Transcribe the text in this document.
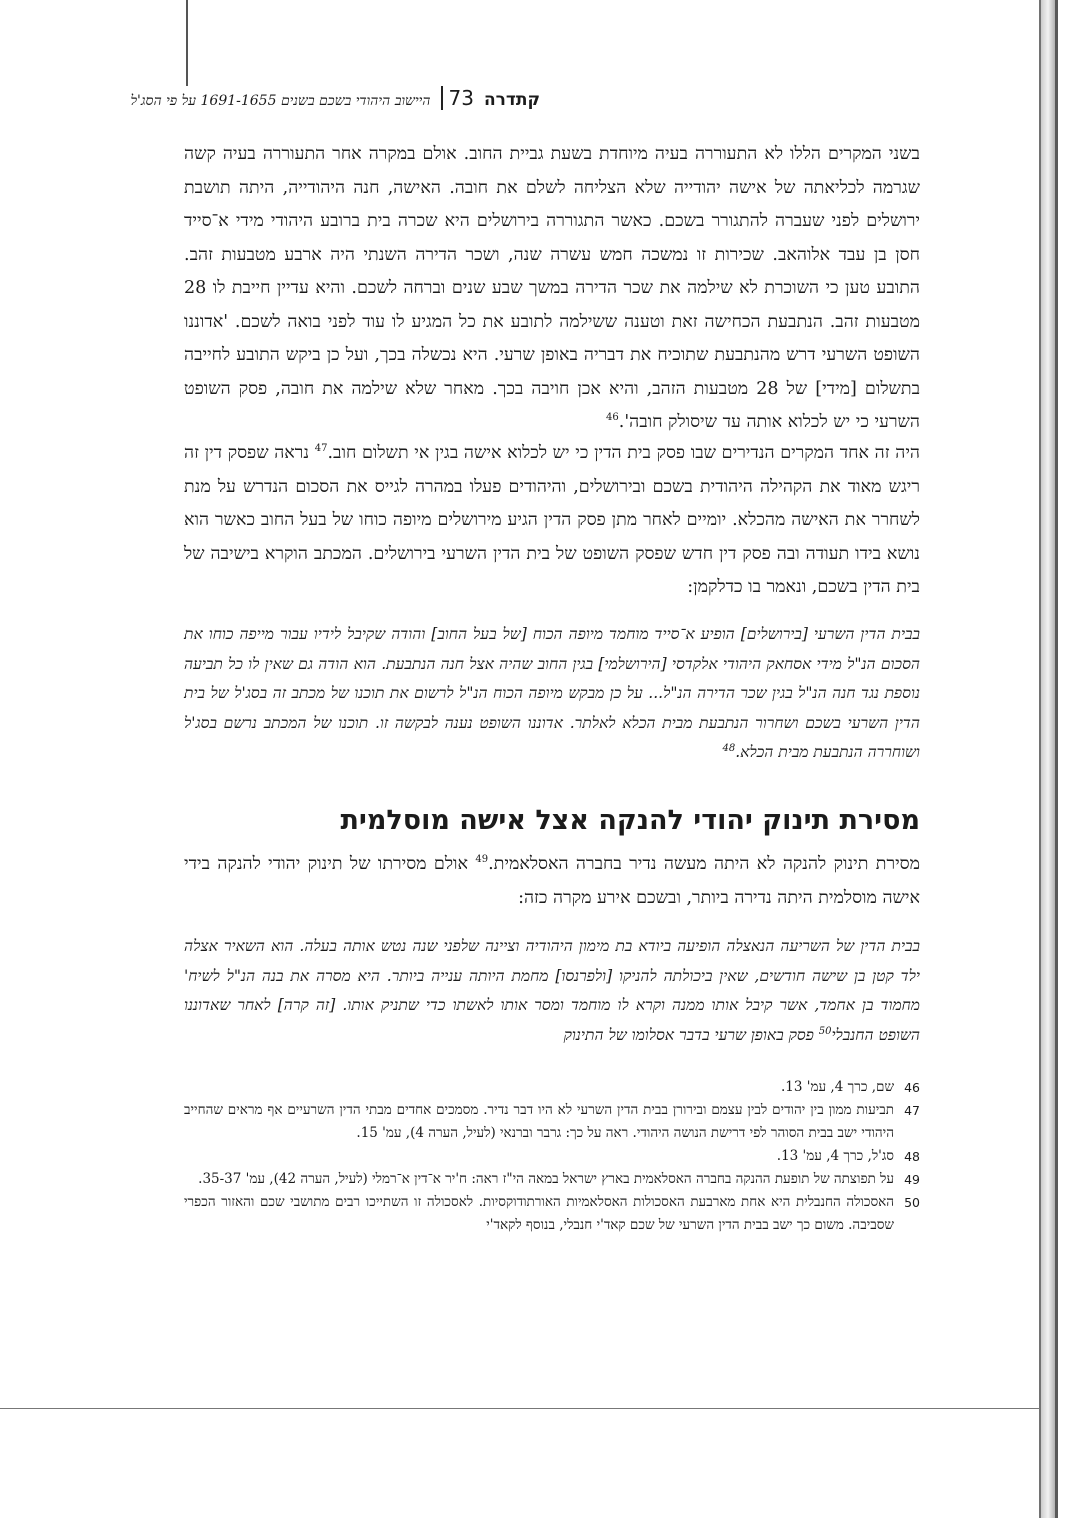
קתדרה
73
היישוב היהודי בשכם בשנים 1691-1655 על פי הסג'ל

בשני המקרים הללו לא התעוררה בעיה מיוחדת בשעת גביית החוב. אולם במקרה אחר התעוררה בעיה קשה שגרמה לכליאתה של אישה יהודייה שלא הצליחה לשלם את חובה. האישה, חנה היהודייה, היתה תושבת ירושלים לפני שעברה להתגורר בשכם. כאשר התגוררה בירושלים היא שכרה בית ברובע היהודי מידי א־סייד חסן בן עבד אלוהאב. שכירות זו נמשכה חמש עשרה שנה, ושכר הדירה השנתי היה ארבע מטבעות זהב. התובע טען כי השוכרת לא שילמה את שכר הדירה במשך שבע שנים וברחה לשכם. והיא עדיין חייבת לו 28 מטבעות זהב. הנתבעת הכחישה זאת וטענה ששילמה לתובע את כל המגיע לו עוד לפני בואה לשכם. 'אדוננו השופט השרעי דרש מהנתבעת שתוכיח את דבריה באופן שרעי. היא נכשלה בכך, ועל כן ביקש התובע לחייבה בתשלום [מידי] של 28 מטבעות הזהב, והיא אכן חויבה בכך. מאחר שלא שילמה את חובה, פסק השופט השרעי כי יש לכלוא אותה עד שיסולק חובה'.$^{46}$

היה זה אחד המקרים הנדירים שבו פסק בית הדין כי יש לכלוא אישה בגין אי תשלום חוב.$^{47}$ נראה שפסק דין זה ריגש מאוד את הקהילה היהודית בשכם ובירושלים, והיהודים פעלו במהרה לגייס את הסכום הנדרש על מנת לשחרר את האישה מהכלא. יומיים לאחר מתן פסק הדין הגיע מירושלים מיופה כוחו של בעל החוב כאשר הוא נושא בידו תעודה ובה פסק דין חדש שפסק השופט של בית הדין השרעי בירושלים. המכתב הוקרא בישיבה של בית הדין בשכם, ונאמר בו כדלקמן:

בבית הדין השרעי [בירושלים] הופיע א־סייד מוחמד מיופה הכוח [של בעל החוב] והודה שקיבל לידיו עבור מייפה כוחו את הסכום הנ"ל מידי אסחאק היהודי אלקדסי [הירושלמי] בגין החוב שהיה אצל חנה הנתבעת. הוא הודה גם שאין לו כל תביעה נוספת נגד חנה הנ"ל בגין שכר הדירה הנ"ל... על כן מבקש מיופה הכוח הנ"ל לרשום את תוכנו של מכתב זה בסג'ל של בית הדין השרעי בשכם ושחרור הנתבעת מבית הכלא לאלתר. אדוננו השופט נענה לבקשה זו. תוכנו של המכתב נרשם בסג'ל ושוחררה הנתבעת מבית הכלא.$^{48}$

מסירת תינוק יהודי להנקה אצל אישה מוסלמית

מסירת תינוק להנקה לא היתה מעשה נדיר בחברה האסלאמית.$^{49}$ אולם מסירתו של תינוק יהודי להנקה בידי אישה מוסלמית היתה נדירה ביותר, ובשכם אירע מקרה כזה:

בבית הדין של השריעה הנאצלה הופיעה ביודא בת מימון היהודיה וציינה שלפני שנה נטש אותה בעלה. הוא השאיר אצלה ילד קטן בן שישה חודשים, שאין ביכולתה להניקו [ולפרנסו] מחמת היותה ענייה ביותר. היא מסרה את בנה הנ"ל לשיח' מחמוד בן אחמד, אשר קיבל אותו ממנה וקרא לו מוחמד ומסר אותו לאשתו כדי שתניק אותו. [זה קרה] לאחר שאדוננו השופט החנבלי$^{50}$ פסק באופן שרעי בדבר אסלומו של התינוק

46
שם, כרך 4, עמ' 13.
47
תביעות ממון בין יהודים לבין עצמם ובירורן בבית הדין השרעי לא היו דבר נדיר. מסמכים אחדים מבתי הדין השרעיים אף מראים שהחייב היהודי ישב בבית הסוהר לפי דרישת הנושה היהודי. ראה על כך: גרבר וברנאי (לעיל, הערה 4), עמ' 15.
48
סג'ל, כרך 4, עמ' 13.
49
על תפוצתה של תופעת ההנקה בחברה האסלאמית בארץ ישראל במאה הי"ז ראה: ח'יר א־דין א־רמלי (לעיל, הערה 42), עמ' 35-37.
50
האסכולה החנבלית היא אחת מארבעת האסכולות האסלאמיות האורתודוקסיות. לאסכולה זו השתייכו רבים מתושבי שכם והאזור הכפרי שסביבה. משום כך ישב בבית הדין השרעי של שכם קאד'י חנבלי, בנוסף לקאד'י
